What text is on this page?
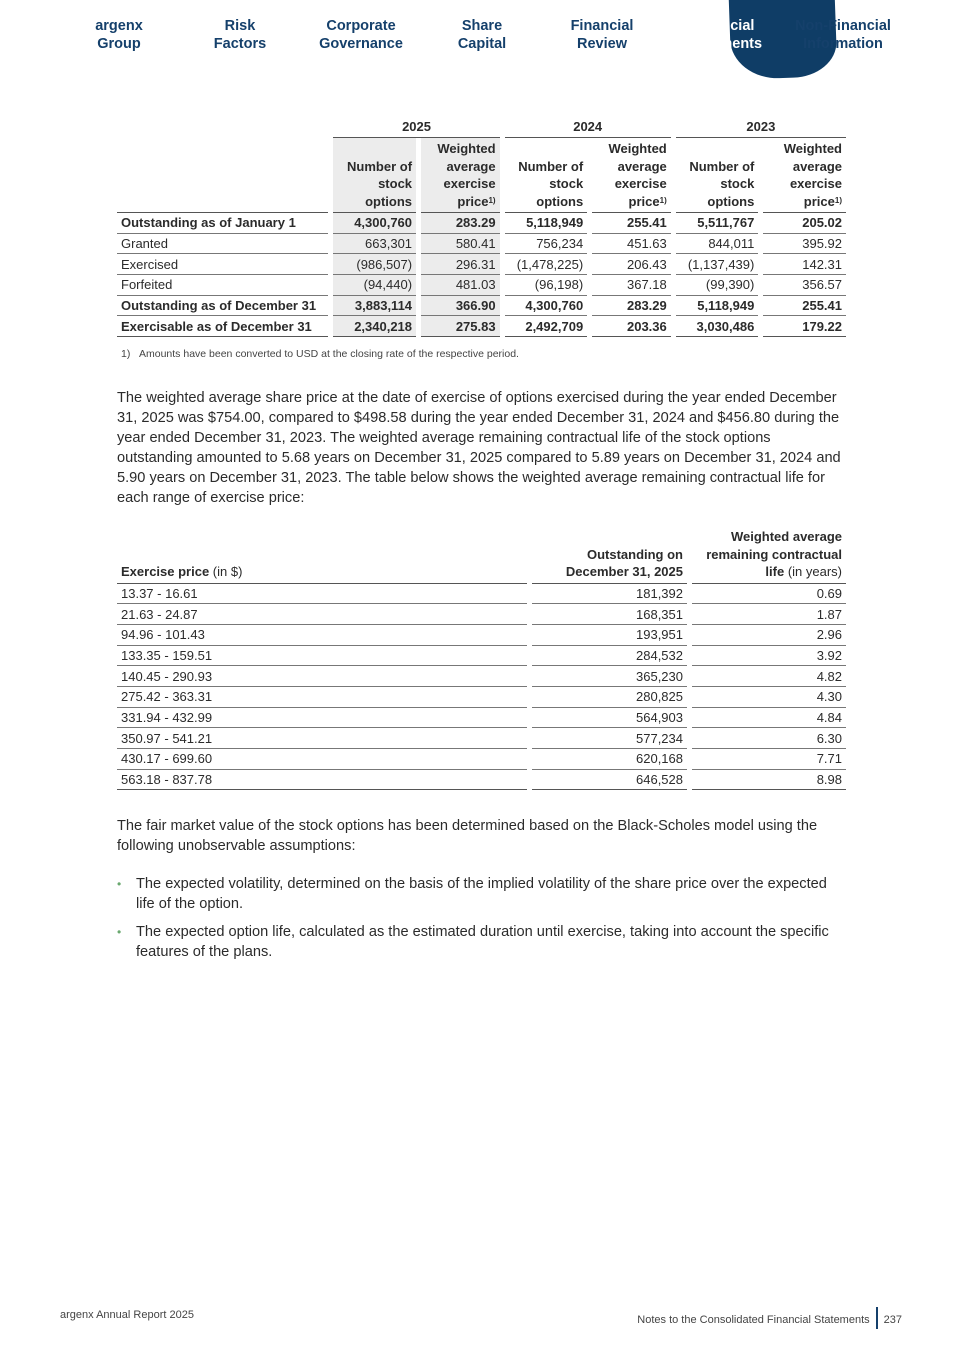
argenx
Group
Risk
Factors
Corporate
Governance
Share
Capital
Financial
Review
Financial
Statements
Non-Financial
Information
		2025				2024				2023		
		Number of
stock
options		Weighted
average
exercise
price$^{1)}$		Number of
stock
options		Weighted
average
exercise
price$^{1)}$		Number of
stock
options		Weighted
average
exercise
price$^{1)}$
Outstanding as of January 1		4,300,760		283.29		5,118,949		255.41		5,511,767		205.02
Granted		663,301		580.41		756,234		451.63		844,011		395.92
Exercised		(986,507)		296.31		(1,478,225)		206.43		(1,137,439)		142.31
Forfeited		(94,440)		481.03		(96,198)		367.18		(99,390)		356.57
Outstanding as of December 31		3,883,114		366.90		4,300,760		283.29		5,118,949		255.41
Exercisable as of December 31		2,340,218		275.83		2,492,709		203.36		3,030,486		179.22
1) Amounts have been converted to USD at the closing rate of the respective period.

The weighted average share price at the date of exercise of options exercised during the year ended December 31, 2025 was $754.00, compared to $498.58 during the year ended December 31, 2024 and $456.80 during the year ended December 31, 2023. The weighted average remaining contractual life of the stock options outstanding amounted to 5.68 years on December 31, 2025 compared to 5.89 years on December 31, 2024 and 5.90 years on December 31, 2023. The table below shows the weighted average remaining contractual life for each range of exercise price:

Exercise price (in $)		Outstanding on
December 31, 2025		Weighted average
remaining contractual
life (in years)
13.37 - 16.61		181,392		0.69
21.63 - 24.87		168,351		1.87
94.96 - 101.43		193,951		2.96
133.35 - 159.51		284,532		3.92
140.45 - 290.93		365,230		4.82
275.42 - 363.31		280,825		4.30
331.94 - 432.99		564,903		4.84
350.97 - 541.21		577,234		6.30
430.17 - 699.60		620,168		7.71
563.18 - 837.78		646,528		8.98

The fair market value of the stock options has been determined based on the Black-Scholes model using the following unobservable assumptions:

• The expected volatility, determined on the basis of the implied volatility of the share price over the expected life of the option.
• The expected option life, calculated as the estimated duration until exercise, taking into account the specific features of the plans.
argenx Annual Report 2025	Notes to the Consolidated Financial Statements 237
